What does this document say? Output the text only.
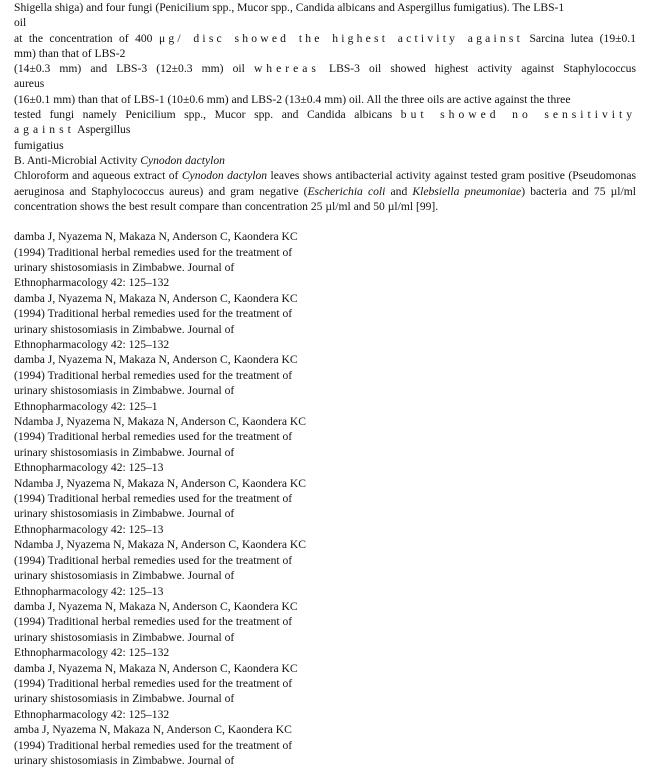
Shigella shiga) and four fungi (Penicilium spp., Mucor spp., Candida albicans and Aspergillus fumigatius). The LBS-1
oil
at the concentration of 400 μg/ disc showed the highest activity against Sarcina lutea (19±0.1
mm) than that of LBS-2
(14±0.3 mm) and LBS-3 (12±0.3 mm) oil whereas LBS-3 oil showed highest activity against Staphylococcus
aureus
(16±0.1 mm) than that of LBS-1 (10±0.6 mm) and LBS-2 (13±0.4 mm) oil. All the three oils are active against the three
tested fungi namely Penicilium spp., Mucor spp. and Candida albicans but showed no sensitivity
against Aspergillus
fumigatius
B. Anti-Microbial Activity Cynodon dactylon
Chloroform and aqueous extract of Cynodon dactylon leaves shows antibacterial activity against tested gram positive (Pseudomonas aeruginosa and Staphylococcus aureus) and gram negative (Escherichia coli and Klebsiella pneumoniae) bacteria and 75 µl/ml concentration shows the best result compare than concentration 25 µl/ml and 50 µl/ml [99].
damba J, Nyazema N, Makaza N, Anderson C, Kaondera KC
(1994) Traditional herbal remedies used for the treatment of
urinary shistosomiasis in Zimbabwe. Journal of
Ethnopharmacology 42: 125–132
damba J, Nyazema N, Makaza N, Anderson C, Kaondera KC
(1994) Traditional herbal remedies used for the treatment of
urinary shistosomiasis in Zimbabwe. Journal of
Ethnopharmacology 42: 125–132
damba J, Nyazema N, Makaza N, Anderson C, Kaondera KC
(1994) Traditional herbal remedies used for the treatment of
urinary shistosomiasis in Zimbabwe. Journal of
Ethnopharmacology 42: 125–1
Ndamba J, Nyazema N, Makaza N, Anderson C, Kaondera KC
(1994) Traditional herbal remedies used for the treatment of
urinary shistosomiasis in Zimbabwe. Journal of
Ethnopharmacology 42: 125–13
Ndamba J, Nyazema N, Makaza N, Anderson C, Kaondera KC
(1994) Traditional herbal remedies used for the treatment of
urinary shistosomiasis in Zimbabwe. Journal of
Ethnopharmacology 42: 125–13
Ndamba J, Nyazema N, Makaza N, Anderson C, Kaondera KC
(1994) Traditional herbal remedies used for the treatment of
urinary shistosomiasis in Zimbabwe. Journal of
Ethnopharmacology 42: 125–13
damba J, Nyazema N, Makaza N, Anderson C, Kaondera KC
(1994) Traditional herbal remedies used for the treatment of
urinary shistosomiasis in Zimbabwe. Journal of
Ethnopharmacology 42: 125–132
damba J, Nyazema N, Makaza N, Anderson C, Kaondera KC
(1994) Traditional herbal remedies used for the treatment of
urinary shistosomiasis in Zimbabwe. Journal of
Ethnopharmacology 42: 125–132
amba J, Nyazema N, Makaza N, Anderson C, Kaondera KC
(1994) Traditional herbal remedies used for the treatment of
urinary shistosomiasis in Zimbabwe. Journal of
